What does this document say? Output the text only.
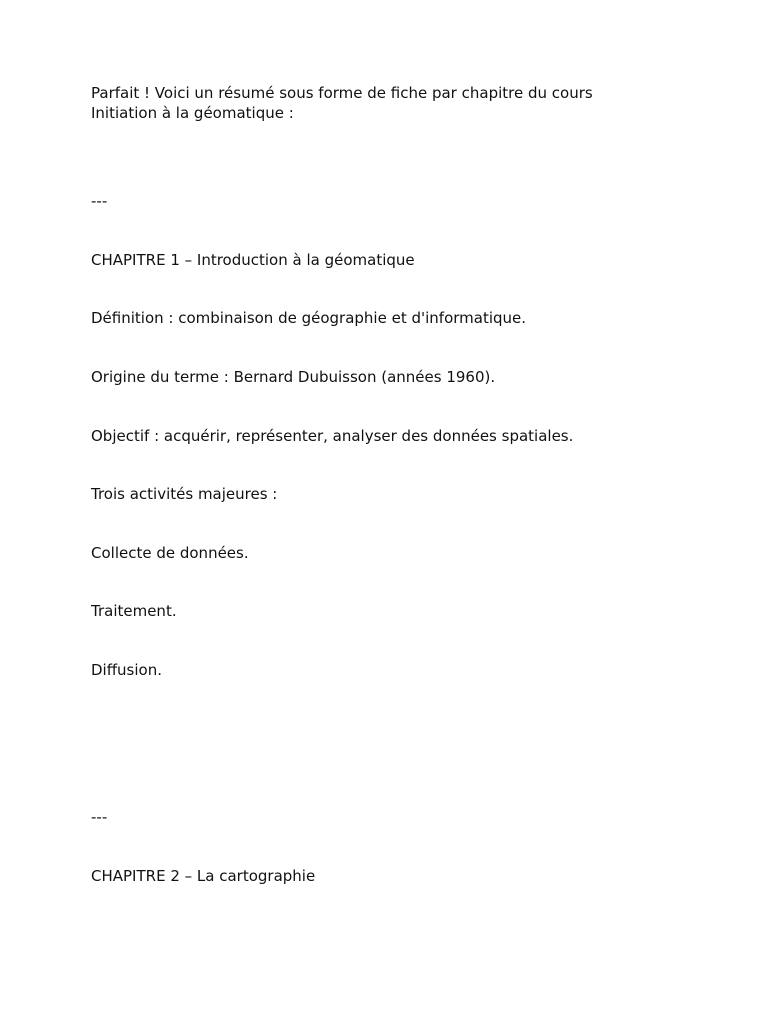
Parfait ! Voici un résumé sous forme de fiche par chapitre du cours

Initiation à la géomatique :

---

CHAPITRE 1 – Introduction à la géomatique

Définition : combinaison de géographie et d'informatique.

Origine du terme : Bernard Dubuisson (années 1960).

Objectif : acquérir, représenter, analyser des données spatiales.

Trois activités majeures :

Collecte de données.

Traitement.

Diffusion.

---

CHAPITRE 2 – La cartographie
